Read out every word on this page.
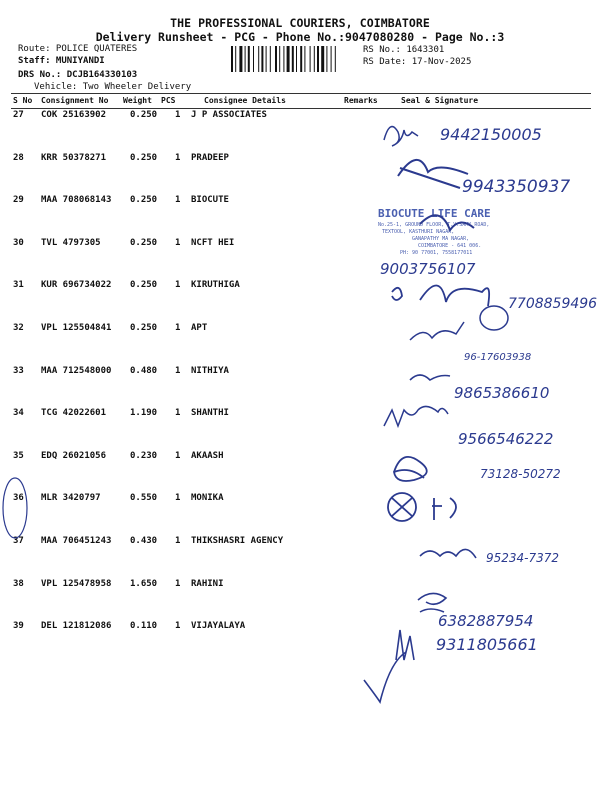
THE PROFESSIONAL COURIERS, COIMBATORE
Delivery Runsheet - PCG - Phone No.:9047080280 - Page No.:3
Route: POLICE QUATERES
Staff: MUNIYANDI
DRS No.: DCJB164330103
Vehicle: Two Wheeler Delivery
RS No.: 1643301
RS Date: 17-Nov-2025
S No Consignment No Weight PCS	Consignee Details	Remarks	Seal & Signature
27 COK 25163902	0.250 1 J P ASSOCIATES
28 KRR 50378271	0.250 1 PRADEEP
29 MAA 708068143 0.250 1 BIOCUTE
30 TVL 4797305	0.250 1 NCFT HEI
31 KUR 696734022 0.250 1 KIRUTHIGA
32 VPL 125504841 0.250 1 APT
33 MAA 712548000 0.480 1 NITHIYA
34 TCG 42022601	1.190 1 SHANTHI
35 EDQ 26021056	0.230 1 AKAASH
36 MLR 3420797	0.550 1 MONIKA
37 MAA 706451243 0.430 1 THIKSHASRI AGENCY
38 VPL 125478958 1.650 1 RAHINI
39 DEL 121812086 0.110 1 VIJAYALAYA
9442150005
9943350937
BIOCUTE LIFE CARE
No.25-1, GROUND FLOOR, T.V.SAMY ROAD,
TEXTOOL, KASTHURI NAGAR,
GANAPATHY MA NAGAR,
COIMBATORE - 641 006.
PH: 90 77001, 7558177011
9003756107
7708859496
96-17603938
9865386610
9566546222
73128-50272
95234-7372
6382887954
9311805661
